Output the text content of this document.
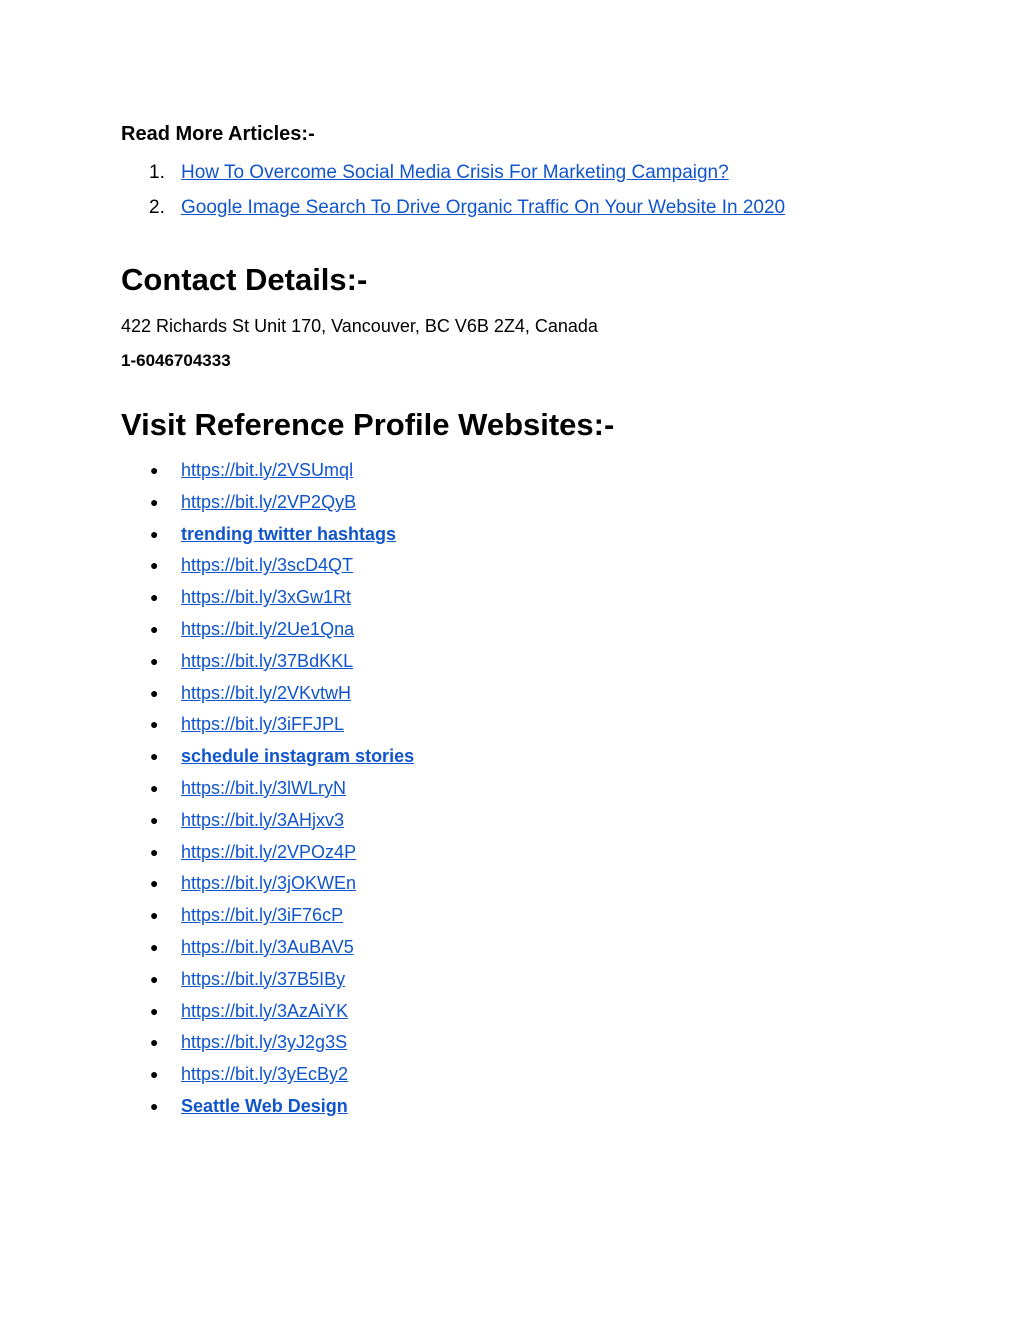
Read More Articles:-
1. How To Overcome Social Media Crisis For Marketing Campaign?
2. Google Image Search To Drive Organic Traffic On Your Website In 2020
Contact Details:-

422 Richards St Unit 170, Vancouver, BC V6B 2Z4, Canada

1-6046704333

Visit Reference Profile Websites:-
● https://bit.ly/2VSUmql
● https://bit.ly/2VP2QyB
● trending twitter hashtags
● https://bit.ly/3scD4QT
● https://bit.ly/3xGw1Rt
● https://bit.ly/2Ue1Qna
● https://bit.ly/37BdKKL
● https://bit.ly/2VKvtwH
● https://bit.ly/3iFFJPL
● schedule instagram stories
● https://bit.ly/3lWLryN
● https://bit.ly/3AHjxv3
● https://bit.ly/2VPOz4P
● https://bit.ly/3jOKWEn
● https://bit.ly/3iF76cP
● https://bit.ly/3AuBAV5
● https://bit.ly/37B5IBy
● https://bit.ly/3AzAiYK
● https://bit.ly/3yJ2g3S
● https://bit.ly/3yEcBy2
● Seattle Web Design
